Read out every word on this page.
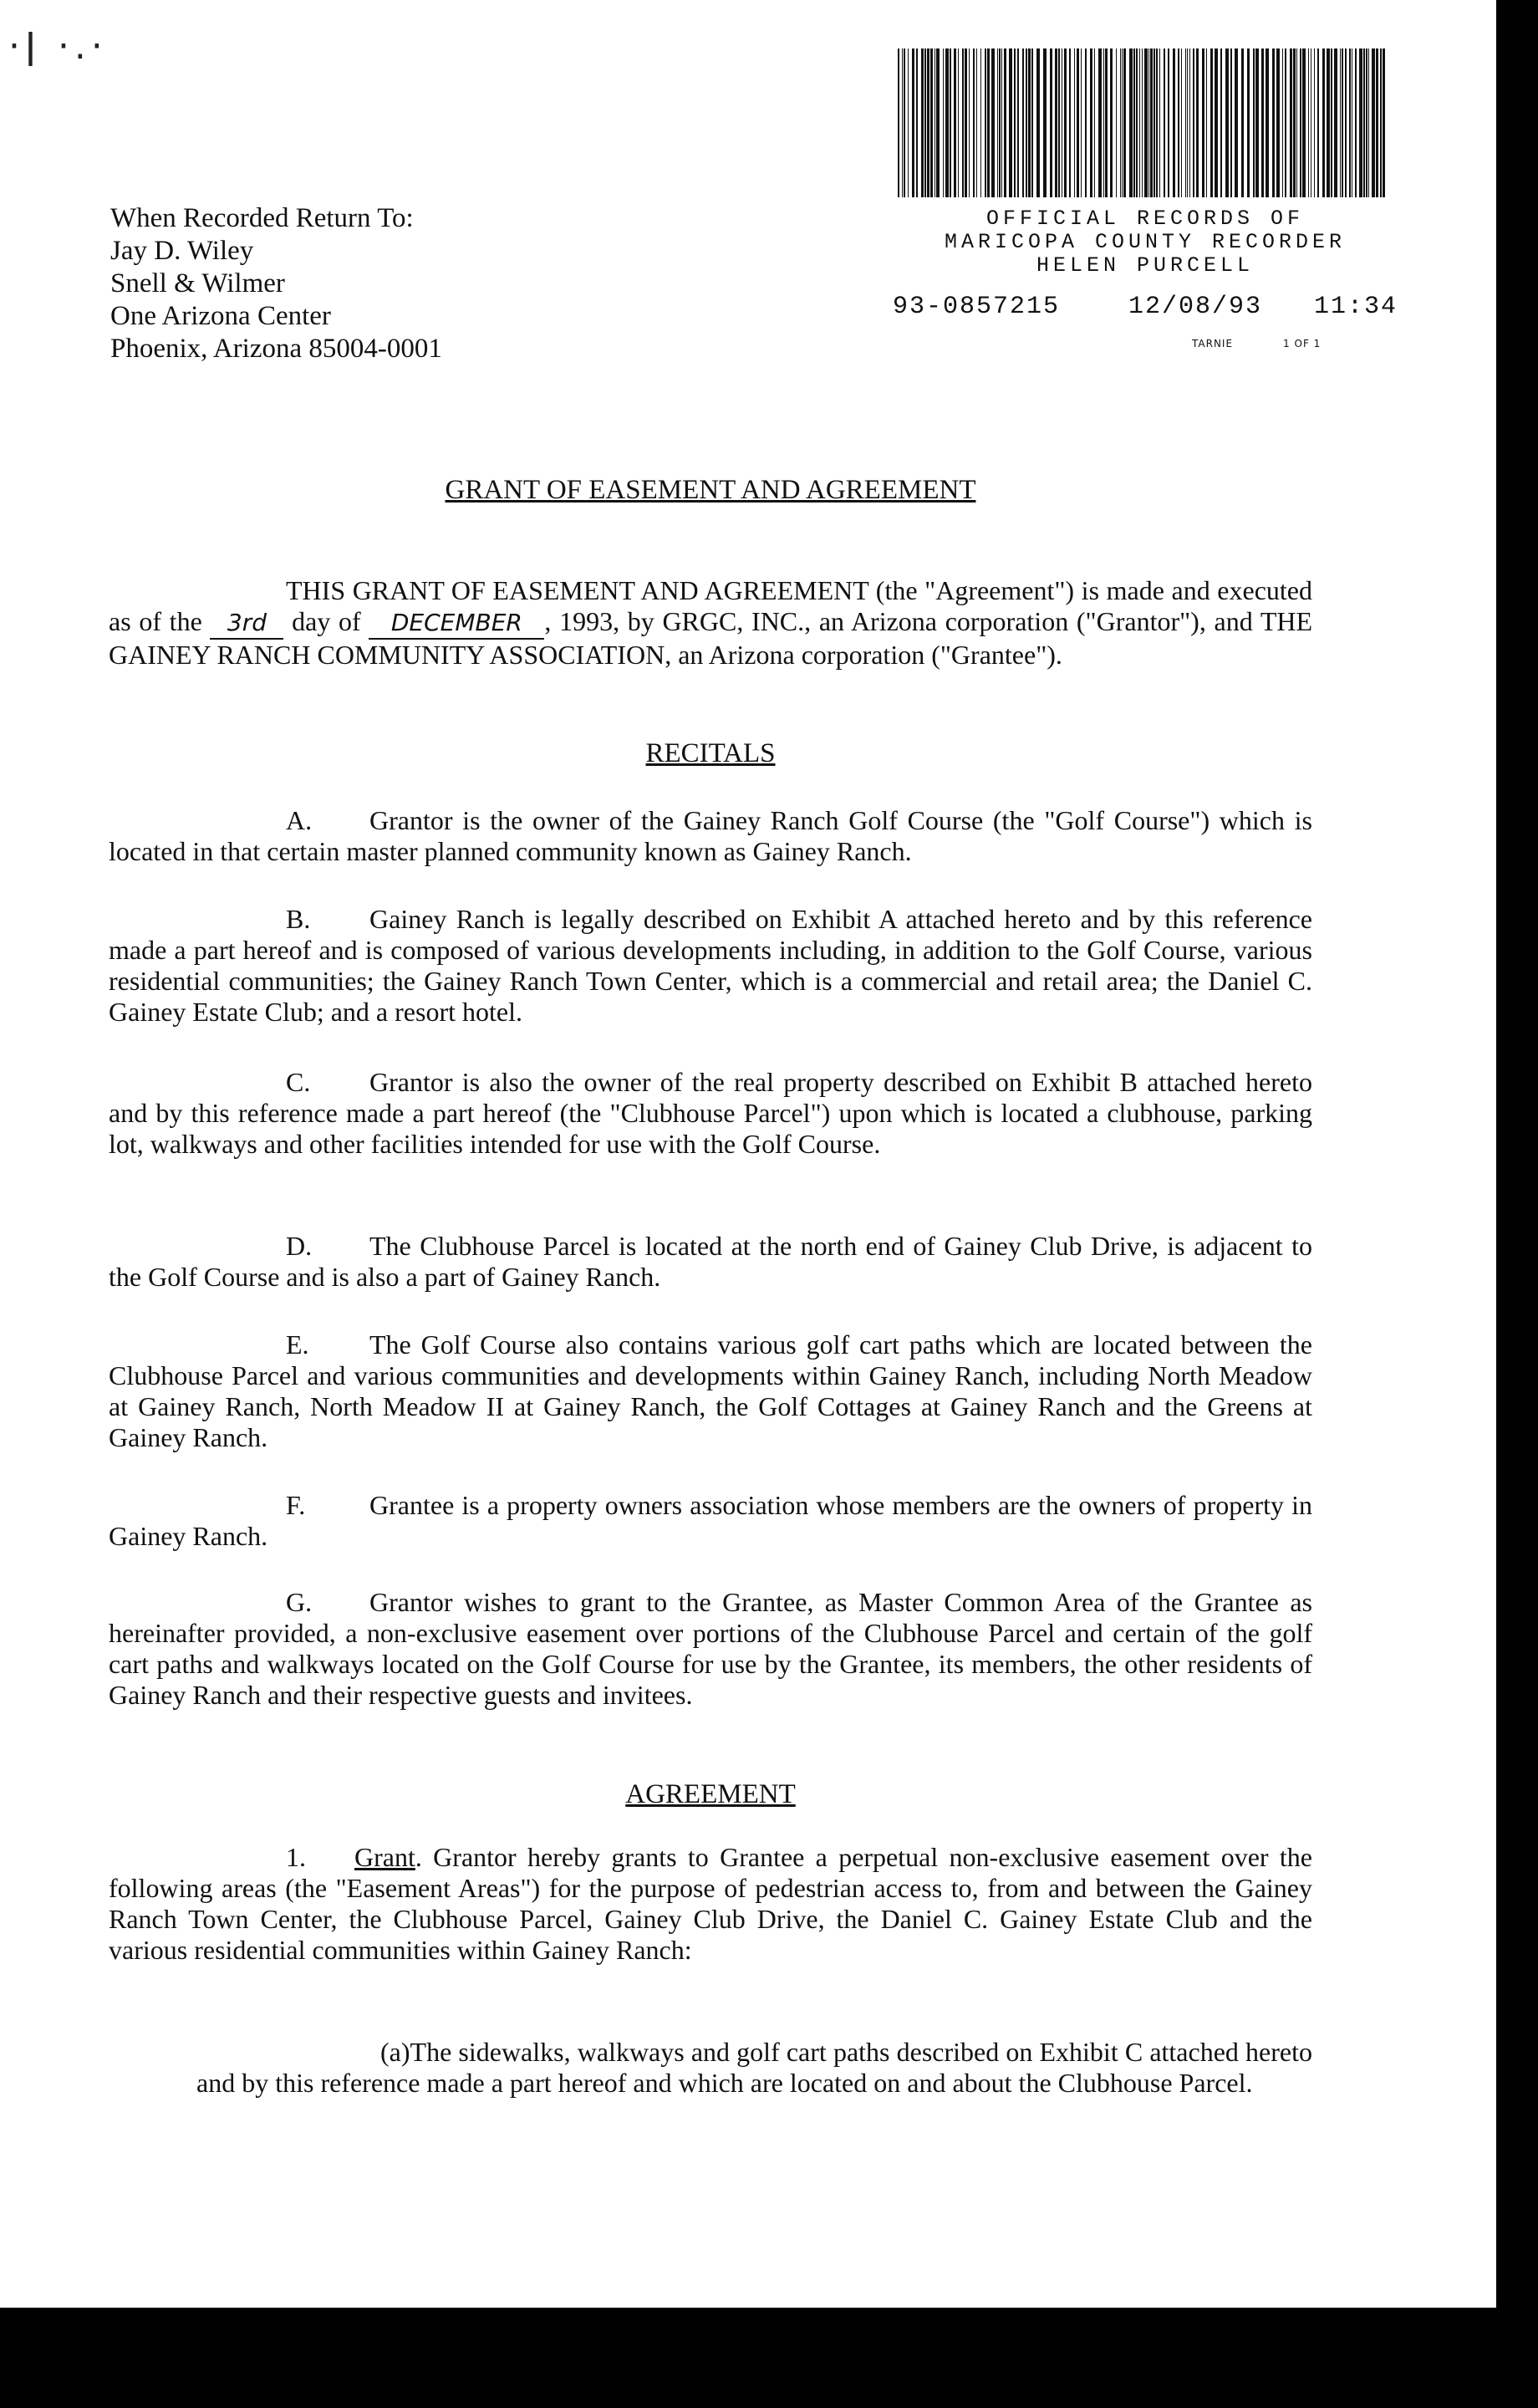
·ǀ ·.·
When Recorded Return To:
Jay D. Wiley
Snell & Wilmer
One Arizona Center
Phoenix, Arizona 85004-0001
OFFICIAL RECORDS OF
MARICOPA COUNTY RECORDER
HELEN PURCELL
93-0857215	12/08/93 11:34
TARNIE	1 OF 1
GRANT OF EASEMENT AND AGREEMENT
THIS GRANT OF EASEMENT AND AGREEMENT (the "Agreement") is made and executed as of the 3rd day of DECEMBER , 1993, by GRGC, INC., an Arizona corporation ("Grantor"), and THE GAINEY RANCH COMMUNITY ASSOCIATION, an Arizona corporation ("Grantee").
RECITALS
A. Grantor is the owner of the Gainey Ranch Golf Course (the "Golf Course") which is located in that certain master planned community known as Gainey Ranch.
B. Gainey Ranch is legally described on Exhibit A attached hereto and by this reference made a part hereof and is composed of various developments including, in addition to the Golf Course, various residential communities; the Gainey Ranch Town Center, which is a commercial and retail area; the Daniel C. Gainey Estate Club; and a resort hotel.
C. Grantor is also the owner of the real property described on Exhibit B attached hereto and by this reference made a part hereof (the "Clubhouse Parcel") upon which is located a clubhouse, parking lot, walkways and other facilities intended for use with the Golf Course.
D. The Clubhouse Parcel is located at the north end of Gainey Club Drive, is adjacent to the Golf Course and is also a part of Gainey Ranch.
E. The Golf Course also contains various golf cart paths which are located between the Clubhouse Parcel and various communities and developments within Gainey Ranch, including North Meadow at Gainey Ranch, North Meadow II at Gainey Ranch, the Golf Cottages at Gainey Ranch and the Greens at Gainey Ranch.
F. Grantee is a property owners association whose members are the owners of property in Gainey Ranch.
G. Grantor wishes to grant to the Grantee, as Master Common Area of the Grantee as hereinafter provided, a non-exclusive easement over portions of the Clubhouse Parcel and certain of the golf cart paths and walkways located on the Golf Course for use by the Grantee, its members, the other residents of Gainey Ranch and their respective guests and invitees.
AGREEMENT
1. Grant. Grantor hereby grants to Grantee a perpetual non-exclusive easement over the following areas (the "Easement Areas") for the purpose of pedestrian access to, from and between the Gainey Ranch Town Center, the Clubhouse Parcel, Gainey Club Drive, the Daniel C. Gainey Estate Club and the various residential communities within Gainey Ranch:
(a)The sidewalks, walkways and golf cart paths described on Exhibit C attached hereto and by this reference made a part hereof and which are located on and about the Clubhouse Parcel.
